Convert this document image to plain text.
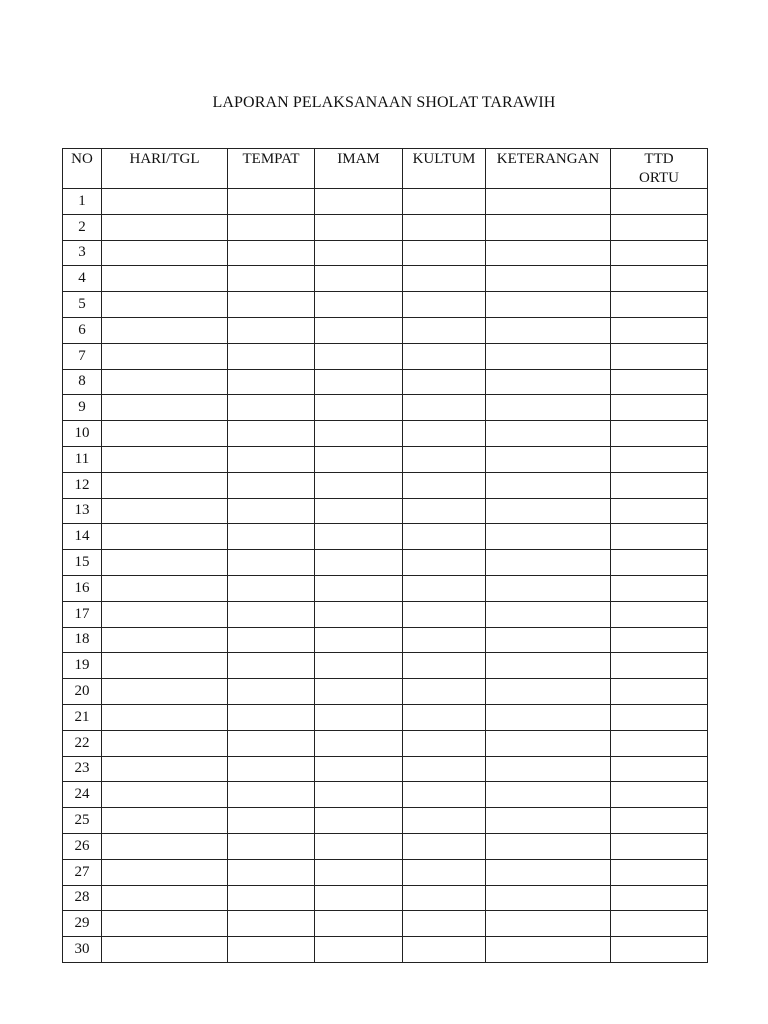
LAPORAN PELAKSANAAN SHOLAT TARAWIH
NO	HARI/TGL	TEMPAT	IMAM	KULTUM	KETERANGAN	TTD
ORTU

1						
2						
3						
4						
5						
6						
7						
8						
9						
10						
11						
12						
13						
14						
15						
16						
17						
18						
19						
20						
21						
22						
23						
24						
25						
26						
27						
28						
29						
30						
